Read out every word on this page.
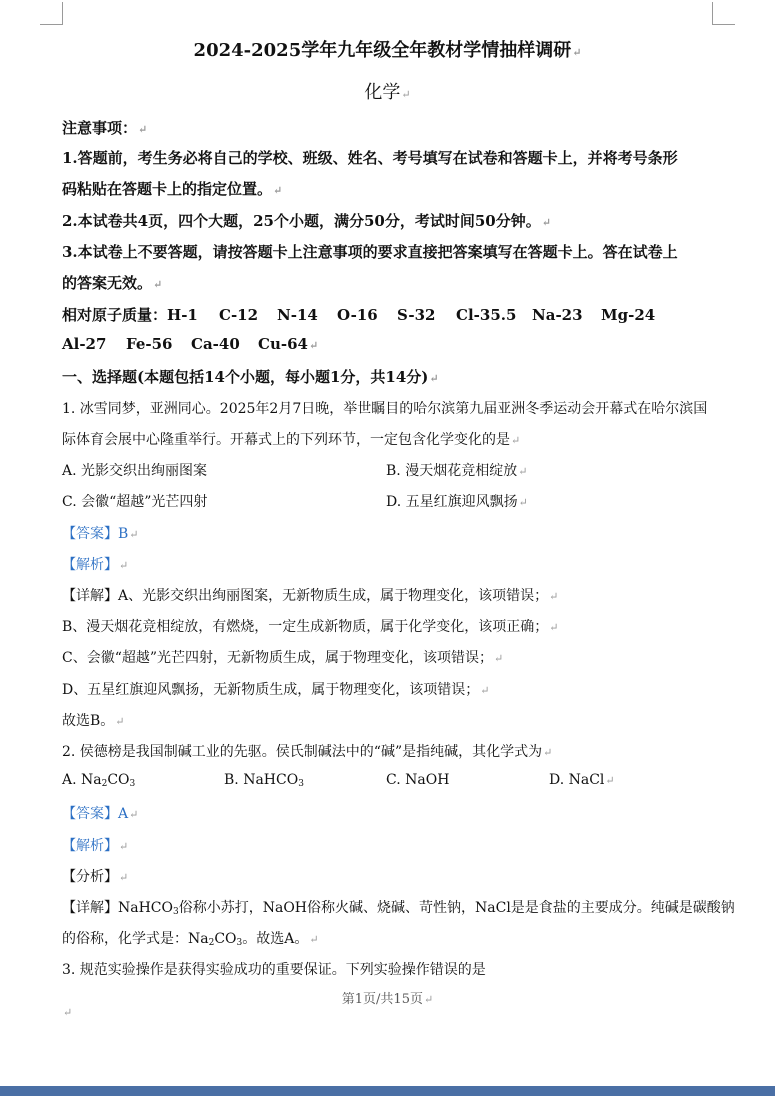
2024-2025学年九年级全年教材学情抽样调研↵
化学↵
注意事项：↵
1.答题前，考生务必将自己的学校、班级、姓名、考号填写在试卷和答题卡上，并将考号条形
码粘贴在答题卡上的指定位置。↵
2.本试卷共4页，四个大题，25个小题，满分50分，考试时间50分钟。↵
3.本试卷上不要答题，请按答题卡上注意事项的要求直接把答案填写在答题卡上。答在试卷上
的答案无效。↵
相对原子质量：H-1 C-12 N-14 O-16 S-32 Cl-35.5 Na-23 Mg-24
Al-27 Fe-56 Ca-40 Cu-64↵
一、选择题(本题包括14个小题，每小题1分，共14分)↵
1. 冰雪同梦，亚洲同心。2025年2月7日晚，举世瞩目的哈尔滨第九届亚洲冬季运动会开幕式在哈尔滨国
际体育会展中心隆重举行。开幕式上的下列环节，一定包含化学变化的是↵
A. 光影交织出绚丽图案	B. 漫天烟花竞相绽放↵
C. 会徽“超越”光芒四射	D. 五星红旗迎风飘扬↵
【答案】B↵
【解析】↵
【详解】A、光影交织出绚丽图案，无新物质生成，属于物理变化，该项错误；↵
B、漫天烟花竞相绽放，有燃烧，一定生成新物质，属于化学变化，该项正确；↵
C、会徽“超越”光芒四射，无新物质生成，属于物理变化，该项错误；↵
D、五星红旗迎风飘扬，无新物质生成，属于物理变化，该项错误；↵
故选B。↵
2. 侯德榜是我国制碱工业的先驱。侯氏制碱法中的“碱”是指纯碱，其化学式为↵
A. $Na_2CO_3$	B. NaHCO$_3$	C. NaOH	D. NaCl↵
【答案】A↵
【解析】↵
【分析】↵
【详解】NaHCO$_3$俗称小苏打，NaOH俗称火碱、烧碱、苛性钠，NaCl是是食盐的主要成分。纯碱是碳酸钠
的俗称，化学式是：$Na_2CO_3$。故选A。↵
3. 规范实验操作是获得实验成功的重要保证。下列实验操作错误的是
第1页/共15页↵
↵
